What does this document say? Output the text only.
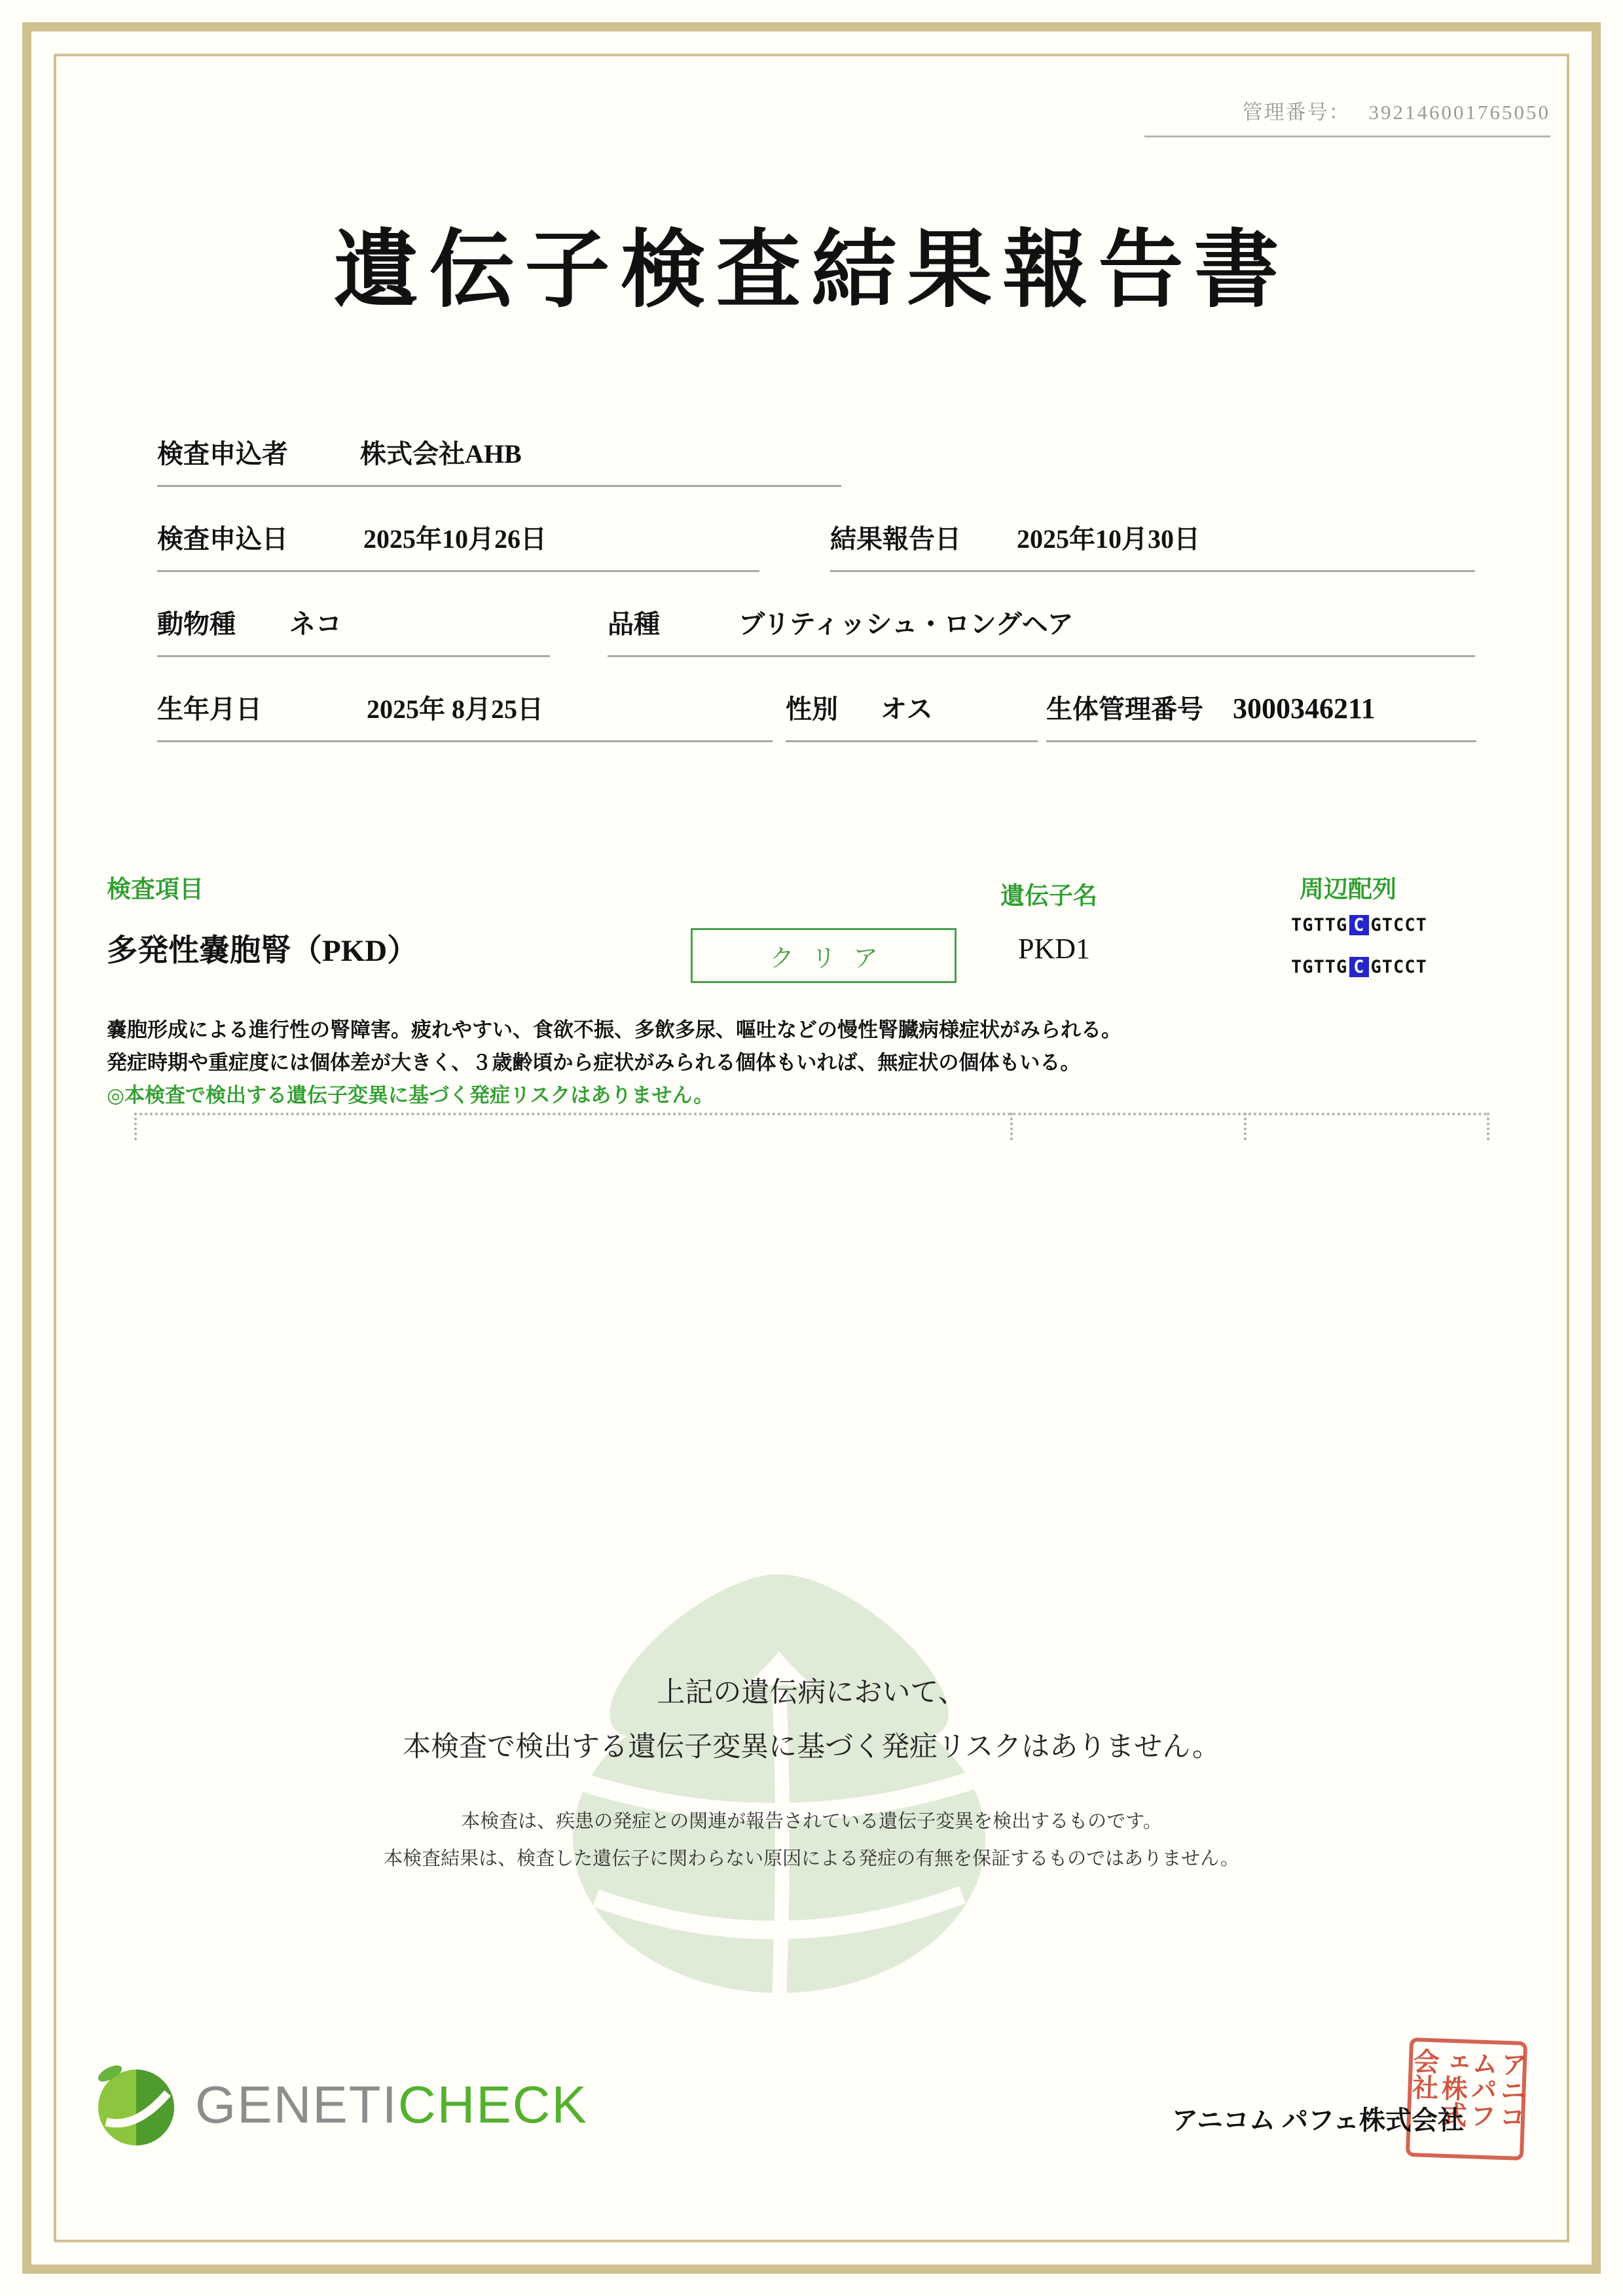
管理番号： 392146001765050
遺伝子検査結果報告書
検査申込者	株式会社AHB
検査申込日	2025年10月26日	結果報告日 2025年10月30日
動物種 ネコ	品種	ブリティッシュ・ロングヘア
生年月日	2025年 8月25日	性別 オス	生体管理番号 3000346211
検査項目	遺伝子名	周辺配列
多発性嚢胞腎（PKD）	クリア	PKD1
TGTTG C GTCCT
TGTTG C GTCCT
嚢胞形成による進行性の腎障害。疲れやすい、食欲不振、多飲多尿、嘔吐などの慢性腎臓病様症状がみられる。
発症時期や重症度には個体差が大きく、３歳齢頃から症状がみられる個体もいれば、無症状の個体もいる。
◎本検査で検出する遺伝子変異に基づく発症リスクはありません。

上記の遺伝病において、

本検査で検出する遺伝子変異に基づく発症リスクはありません。

本検査は、疾患の発症との関連が報告されている遺伝子変異を検出するものです。

本検査結果は、検査した遺伝子に関わらない原因による発症の有無を保証するものではありません。

GENETICHECK	アニコム パフェ株式会社	アニコムパフェ株式会社
